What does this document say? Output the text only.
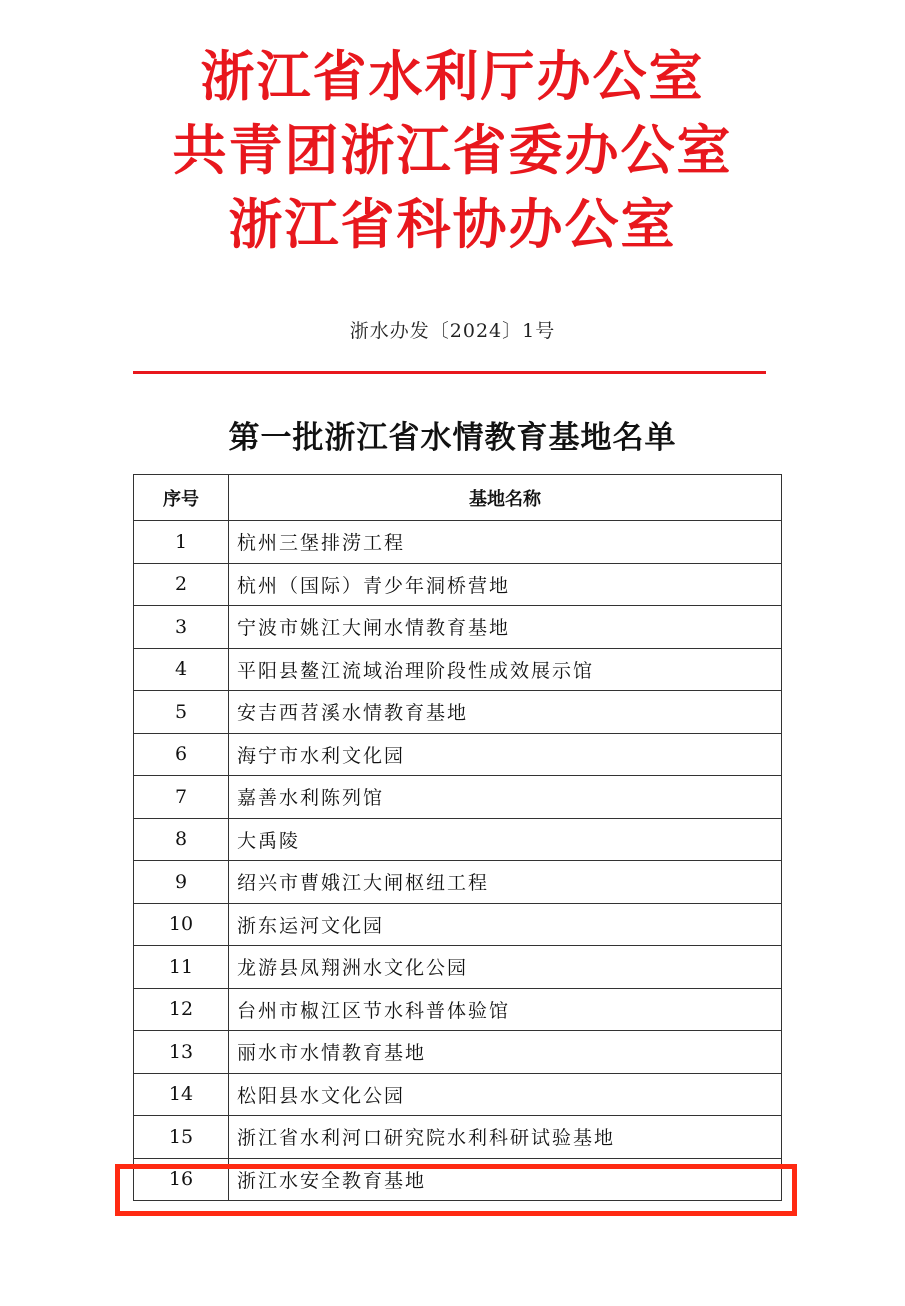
浙江省水利厅办公室
共青团浙江省委办公室
浙江省科协办公室
浙水办发〔2024〕1号
第一批浙江省水情教育基地名单
序号	基地名称
1	杭州三堡排涝工程
2	杭州（国际）青少年洞桥营地
3	宁波市姚江大闸水情教育基地
4	平阳县鳌江流域治理阶段性成效展示馆
5	安吉西苕溪水情教育基地
6	海宁市水利文化园
7	嘉善水利陈列馆
8	大禹陵
9	绍兴市曹娥江大闸枢纽工程
10	浙东运河文化园
11	龙游县凤翔洲水文化公园
12	台州市椒江区节水科普体验馆
13	丽水市水情教育基地
14	松阳县水文化公园
15	浙江省水利河口研究院水利科研试验基地
16	浙江水安全教育基地
